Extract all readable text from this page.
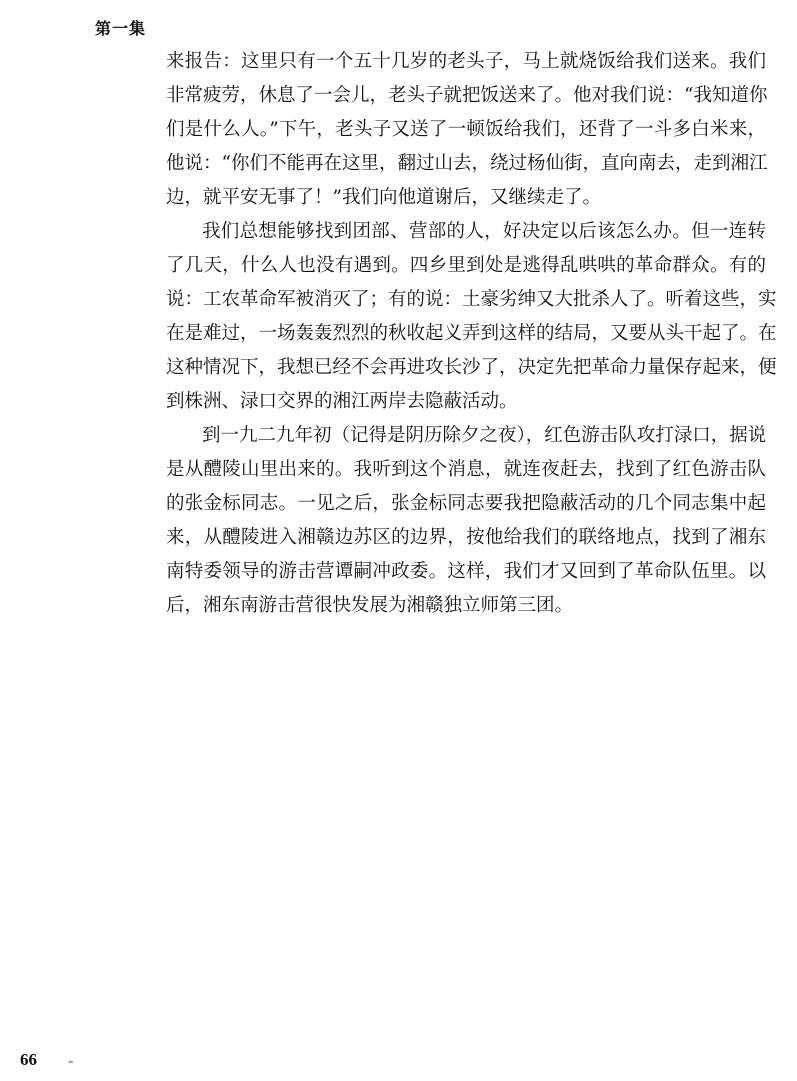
第一集
来报告：这里只有一个五十几岁的老头子，马上就烧饭给我们送来。我们
非常疲劳，休息了一会儿，老头子就把饭送来了。他对我们说：“我知道你
们是什么人。”下午，老头子又送了一顿饭给我们，还背了一斗多白米来，
他说：“你们不能再在这里，翻过山去，绕过杨仙街，直向南去，走到湘江
边，就平安无事了！”我们向他道谢后，又继续走了。
我们总想能够找到团部、营部的人，好决定以后该怎么办。但一连转
了几天，什么人也没有遇到。四乡里到处是逃得乱哄哄的革命群众。有的
说：工农革命军被消灭了；有的说：土豪劣绅又大批杀人了。听着这些，实
在是难过，一场轰轰烈烈的秋收起义弄到这样的结局，又要从头干起了。在
这种情况下，我想已经不会再进攻长沙了，决定先把革命力量保存起来，便
到株洲、渌口交界的湘江两岸去隐蔽活动。
到一九二九年初（记得是阴历除夕之夜），红色游击队攻打渌口，据说
是从醴陵山里出来的。我听到这个消息，就连夜赶去，找到了红色游击队
的张金标同志。一见之后，张金标同志要我把隐蔽活动的几个同志集中起
来，从醴陵进入湘赣边苏区的边界，按他给我们的联络地点，找到了湘东
南特委领导的游击营谭嗣冲政委。这样，我们才又回到了革命队伍里。以
后，湘东南游击营很快发展为湘赣独立师第三团。
66	∞
